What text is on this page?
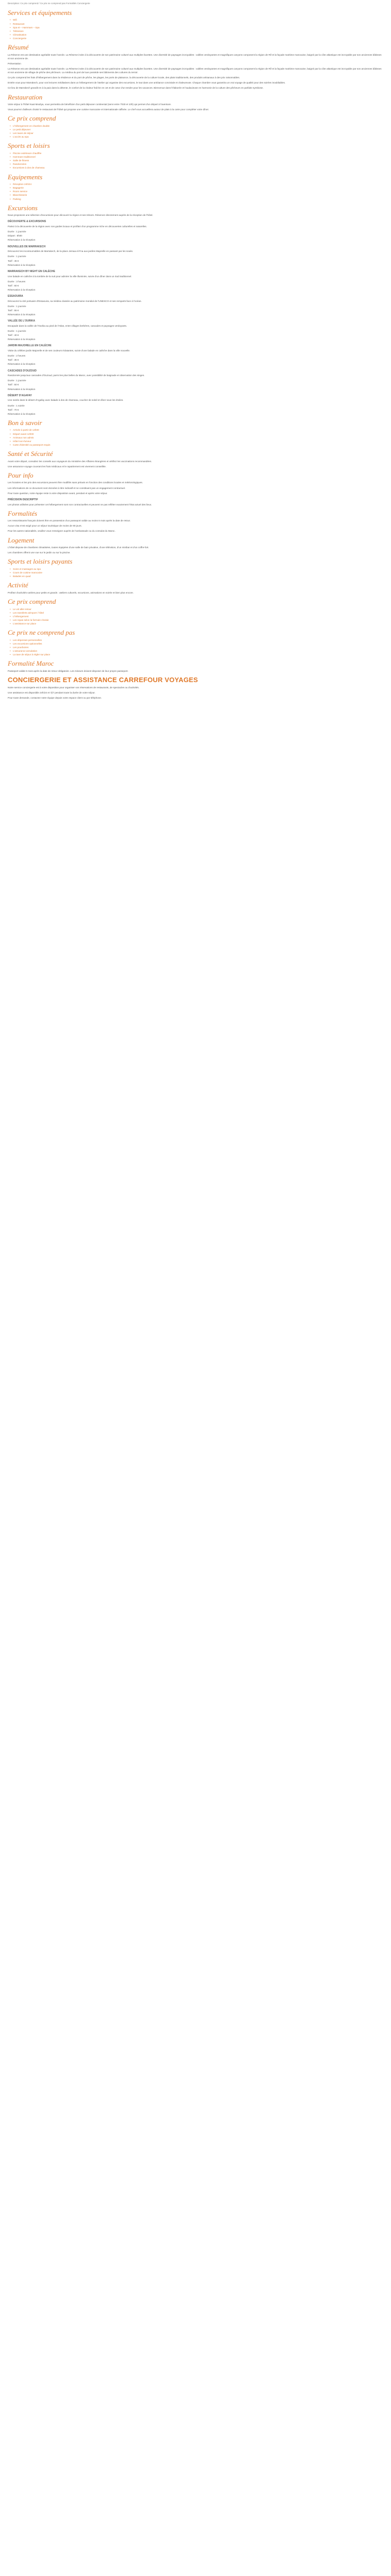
Description: Ce prix comprend / Ce prix ne comprend pas Formalités Conciergerie

Services et équipements
• Wifi
• Restaurant
• Spa et – Hammam – Spa
• Télévision
• Climatisation
• Conciergerie
Résumé

La Réserve est une destination agréable toute l'année. La Réserve invite à la découverte de son patrimoine culturel aux multiples facettes. Une diversité de paysages incroyables : vallées verdoyantes et magnifiques canyons composent la région de Rif et la façade maritime marocaine, baigné par la côte atlantique est incroyable par son anciennes bâtisses et son ancienne de.

Présentation

La Réserve est une destination agréable toute l'année. La Réserve invite à la découverte de son patrimoine culturel aux multiples facettes. Une diversité de paysages incroyables : vallées verdoyantes et magnifiques canyons composent la région de Rif et la façade maritime marocaine, baigné par la côte atlantique est incroyable par son anciennes bâtisses et son ancienne de village de pêche des pêcheurs. La médina du port de luxe possède ses bâtiments des cultures du terroir.

Ce prix comprend les frais d'hébergement dans la résidence et du port de pêche, les plages, les ports de plaisance, la découverte de la culture locale, des plats traditionnels, des produits artisanaux à des prix raisonnables.

Entrée vous pour Marrakech, pour vos lectures méditatives dans un hébergement de l'atelier qui organise des excursions, le tout dans une ambiance conviviale et chaleureuse. Chaque chambre vous garantira un vrai voyage de qualité pour des soirées inoubliables.

Ce lieu de Marrakech grandit en à la paix dans la détente, le confort de la chaleur fraîche en cet et de cœur d'un tendre pour les vacances. Bienvenue dans l'élaborée et l'audacieuse en harmonie de la culture des pêcheurs en parfaite symbiose.

Restauration

Votre séjour à l'hôtel Kaat Mouliya, vous permettra de bénéficier d'un petit déjeuner continental (servi entre 7h30 et 10h) qui permet d'un départ à l'aventure.

Vous pourrez d'ailleurs choisir le restaurant de l'hôtel qui propose une cuisine marocaine et internationale raffinée. Le chef vous accueillera autour de plats à la carte pour compléter votre dîner.

Ce prix comprend
• L'hébergement en chambre double
• Le petit déjeuner
• Les taxes de séjour
• L'accès au spa
Sports et loisirs
• Piscine extérieure chauffée
• Hammam traditionnel
• Salle de fitness
• Randonnées
• Excursions à dos de chameau
Equipements
• Réception 24h/24
• Bagagerie
• Room service
• Blanchisserie
• Parking
Excursions

Nous proposons une sélection d'excursions pour découvrir la région et ses trésors. Réservez directement auprès de la réception de l'hôtel.

DÉCOUVERTE & EXCURSIONS

Partez à la découverte de la région avec nos guides locaux et profitez d'un programme riche en découvertes culturelles et naturelles.

Durée : 1 journée

Départ : 8h00

Réservation à la réception

NOUVELLES DE MARRAKECH

Découvrez les incontournables de Marrakech, de la place Jemaa el-Fna aux jardins Majorelle en passant par les souks.

Durée : 1 journée

Tarif : 45 €

Réservation à la réception

MARRAKECH BY NIGHT EN CALÈCHE

Une balade en calèche à la tombée de la nuit pour admirer la ville illuminée, suivie d'un dîner dans un riad traditionnel.

Durée : 3 heures

Tarif : 60 €

Réservation à la réception

ESSAOUIRA

Découvrez la cité portuaire d'Essaouira, sa médina classée au patrimoine mondial de l'UNESCO et ses remparts face à l'océan.

Durée : 1 journée

Tarif : 55 €

Réservation à la réception

VALLÉE DE L'OURIKA

Escapade dans la vallée de l'Ourika au pied de l'Atlas, entre villages berbères, cascades et paysages verdoyants.

Durée : 1 journée

Tarif : 40 €

Réservation à la réception

JARDIN MAJORELLE EN CALÈCHE

Visite du célèbre jardin Majorelle et de ses couleurs éclatantes, suivie d'une balade en calèche dans la ville nouvelle.

Durée : 2 heures

Tarif : 35 €

Réservation à la réception

CASCADES D'OUZOUD

Randonnée jusqu'aux cascades d'Ouzoud, parmi les plus belles du Maroc, avec possibilité de baignade et observation des singes.

Durée : 1 journée

Tarif : 50 €

Réservation à la réception

DÉSERT D'AGAFAY

Une soirée dans le désert d'Agafay avec balade à dos de chameau, coucher de soleil et dîner sous les étoiles.

Durée : 1 soirée

Tarif : 70 €

Réservation à la réception

Bon à savoir
• Arrivée à partir de 14h00
• Départ avant 12h00
• Animaux non admis
• Hôtel non-fumeur
• Carte d'identité ou passeport requis
Santé et Sécurité

Avant votre départ, consultez les conseils aux voyageurs du ministère des Affaires étrangères et vérifiez les vaccinations recommandées.

Une assurance voyage couvrant les frais médicaux et le rapatriement est vivement conseillée.

Pour info

Les horaires et les prix des excursions peuvent être modifiés sans préavis en fonction des conditions locales et météorologiques.

Les informations de ce document sont données à titre indicatif et ne constituent pas un engagement contractuel.

Pour toute question, notre équipe reste à votre disposition avant, pendant et après votre séjour.

PRÉCISION DESCRIPTIF

Les photos utilisées pour présenter cet hébergement sont non contractuelles et peuvent ne pas refléter exactement l'état actuel des lieux.

Formalités

Les ressortissants français doivent être en possession d'un passeport valide au moins 6 mois après la date de retour.

Aucun visa n'est exigé pour un séjour touristique de moins de 90 jours.

Pour les autres nationalités, veuillez vous renseigner auprès de l'ambassade ou du consulat du Maroc.

Logement

L'hôtel dispose de chambres climatisées, toutes équipées d'une salle de bain privative, d'une télévision, d'un minibar et d'un coffre-fort.

Les chambres offrent une vue sur le jardin ou sur la piscine.

Sports et loisirs payants
• Soins et massages au spa
• Cours de cuisine marocaine
• Balades en quad
Activité

Profitez d'activités variées pour petits et grands : ateliers culturels, excursions, animations en soirée et bien plus encore.

Ce prix comprend
• Le vol aller-retour
• Les transferts aéroport / hôtel
• L'hébergement
• Les repas selon la formule choisie
• L'assistance sur place
Ce prix ne comprend pas
• Les dépenses personnelles
• Les excursions optionnelles
• Les pourboires
• L'assurance annulation
• La taxe de séjour à régler sur place
Formalité Maroc

Passeport valide 6 mois après la date de retour obligatoire. Les mineurs doivent disposer de leur propre passeport.

CONCIERGERIE ET ASSISTANCE CARREFOUR VOYAGES

Notre service conciergerie est à votre disposition pour organiser vos réservations de restaurants, de spectacles ou d'activités.

Une assistance est disponible 24h/24 et 7j/7 pendant toute la durée de votre séjour.

Pour toute demande, contactez notre équipe depuis votre espace client ou par téléphone.
